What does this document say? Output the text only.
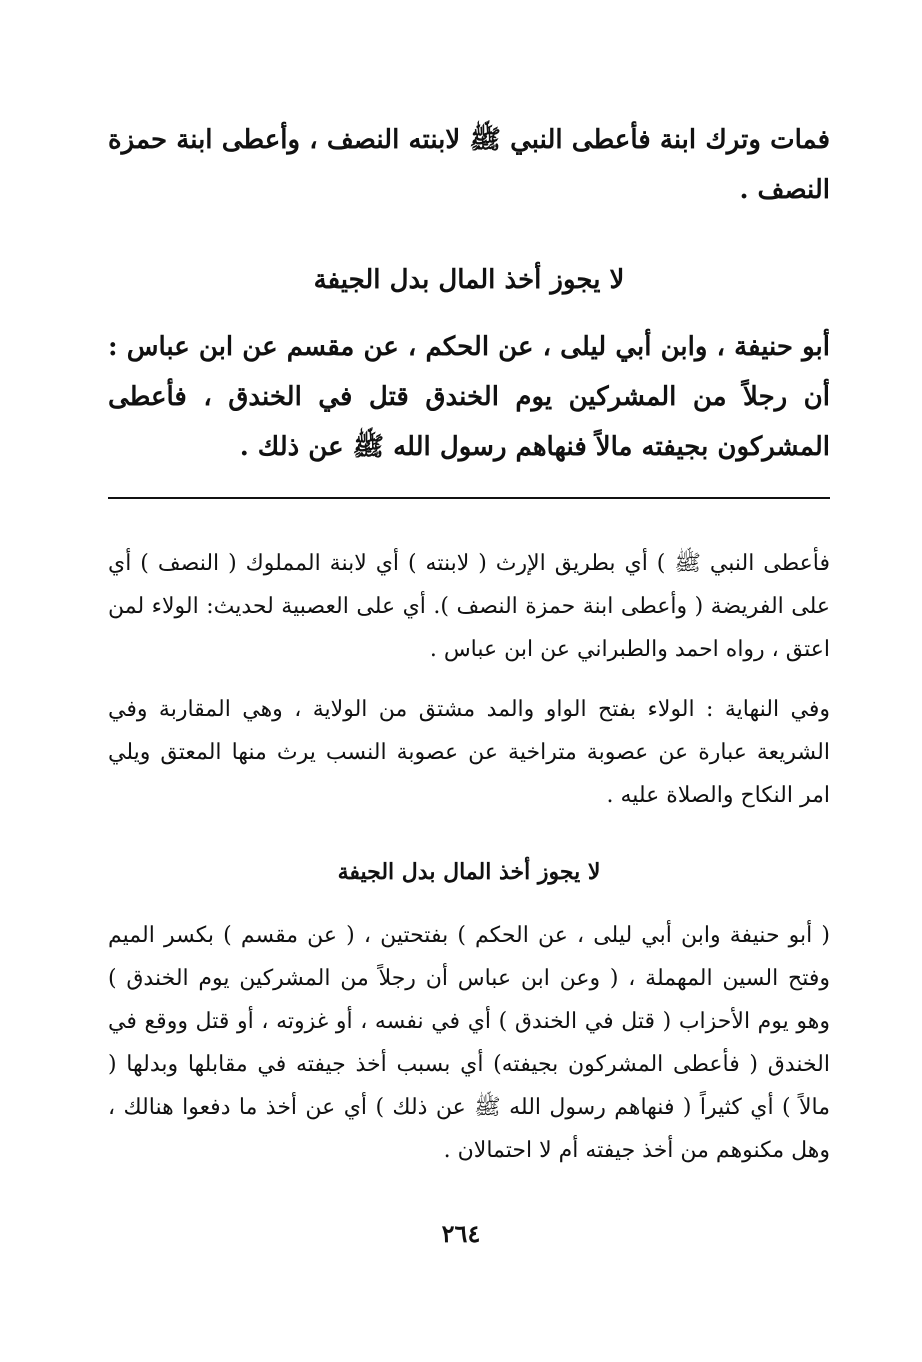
فمات وترك ابنة فأعطى النبي ﷺ لابنته النصف ، وأعطى ابنة حمزة النصف .

لا يجوز أخذ المال بدل الجيفة

أبو حنيفة ، وابن أبي ليلى ، عن الحكم ، عن مقسم عن ابن عباس : أن رجلاً من المشركين يوم الخندق قتل في الخندق ، فأعطى المشركون بجيفته مالاً فنهاهم رسول الله ﷺ عن ذلك .

فأعطى النبي ﷺ ) أي بطريق الإرث ( لابنته ) أي لابنة المملوك ( النصف ) أي على الفريضة ( وأعطى ابنة حمزة النصف ). أي على العصبية لحديث: الولاء لمن اعتق ، رواه احمد والطبراني عن ابن عباس .

وفي النهاية : الولاء بفتح الواو والمد مشتق من الولاية ، وهي المقاربة وفي الشريعة عبارة عن عصوبة متراخية عن عصوبة النسب يرث منها المعتق ويلي امر النكاح والصلاة عليه .

لا يجوز أخذ المال بدل الجيفة

( أبو حنيفة وابن أبي ليلى ، عن الحكم ) بفتحتين ، ( عن مقسم ) بكسر الميم وفتح السين المهملة ، ( وعن ابن عباس أن رجلاً من المشركين يوم الخندق ) وهو يوم الأحزاب ( قتل في الخندق ) أي في نفسه ، أو غزوته ، أو قتل ووقع في الخندق ( فأعطى المشركون بجيفته) أي بسبب أخذ جيفته في مقابلها وبدلها ( مالاً ) أي كثيراً ( فنهاهم رسول الله ﷺ عن ذلك ) أي عن أخذ ما دفعوا هنالك ، وهل مكنوهم من أخذ جيفته أم لا احتمالان .

٢٦٤
